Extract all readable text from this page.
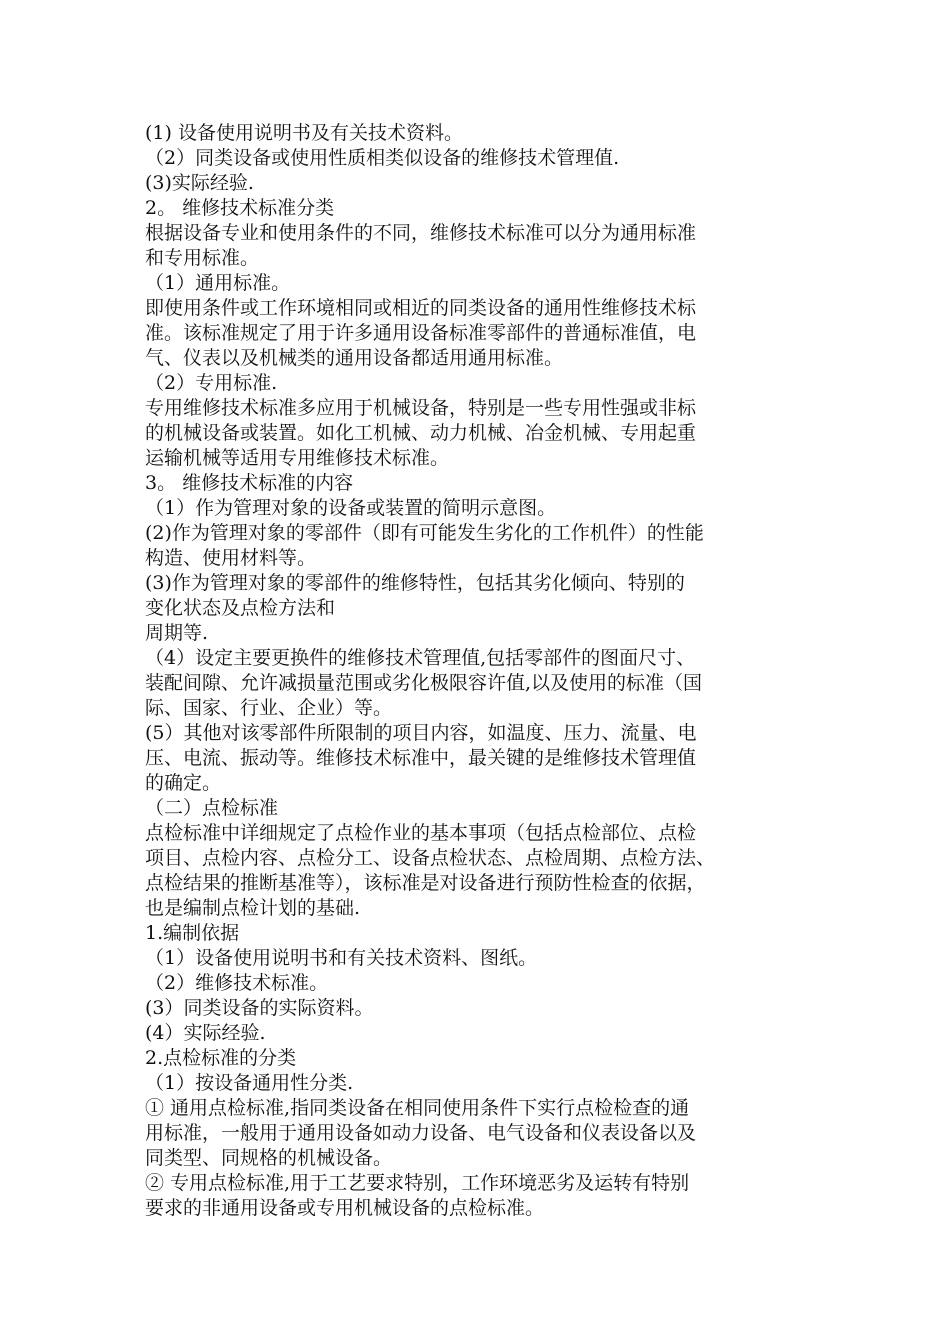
(1) 设备使用说明书及有关技术资料。
（2）同类设备或使用性质相类似设备的维修技术管理值.
(3)实际经验.
2。 维修技术标准分类
根据设备专业和使用条件的不同，维修技术标准可以分为通用标准
和专用标准。
（1）通用标准。
即使用条件或工作环境相同或相近的同类设备的通用性维修技术标
准。该标准规定了用于许多通用设备标准零部件的普通标准值，电
气、仪表以及机械类的通用设备都适用通用标准。
（2）专用标准.
专用维修技术标准多应用于机械设备，特别是一些专用性强或非标
的机械设备或装置。如化工机械、动力机械、冶金机械、专用起重
运输机械等适用专用维修技术标准。
3。 维修技术标准的内容
（1）作为管理对象的设备或装置的简明示意图。
(2)作为管理对象的零部件（即有可能发生劣化的工作机件）的性能
构造、使用材料等。
(3)作为管理对象的零部件的维修特性，包括其劣化倾向、特别的
变化状态及点检方法和
周期等.
（4）设定主要更换件的维修技术管理值,包括零部件的图面尺寸、
装配间隙、允许减损量范围或劣化极限容许值,以及使用的标准（国
际、国家、行业、企业）等。
(5）其他对该零部件所限制的项目内容，如温度、压力、流量、电
压、电流、振动等。维修技术标准中，最关键的是维修技术管理值
的确定。
（二）点检标准
点检标准中详细规定了点检作业的基本事项（包括点检部位、点检
项目、点检内容、点检分工、设备点检状态、点检周期、点检方法、
点检结果的推断基准等），该标准是对设备进行预防性检查的依据，
也是编制点检计划的基础.
1.编制依据
（1）设备使用说明书和有关技术资料、图纸。
（2）维修技术标准。
(3）同类设备的实际资料。
(4）实际经验.
2.点检标准的分类
（1）按设备通用性分类.
① 通用点检标准,指同类设备在相同使用条件下实行点检检查的通
用标准，一般用于通用设备如动力设备、电气设备和仪表设备以及
同类型、同规格的机械设备。
② 专用点检标准,用于工艺要求特别，工作环境恶劣及运转有特别
要求的非通用设备或专用机械设备的点检标准。
